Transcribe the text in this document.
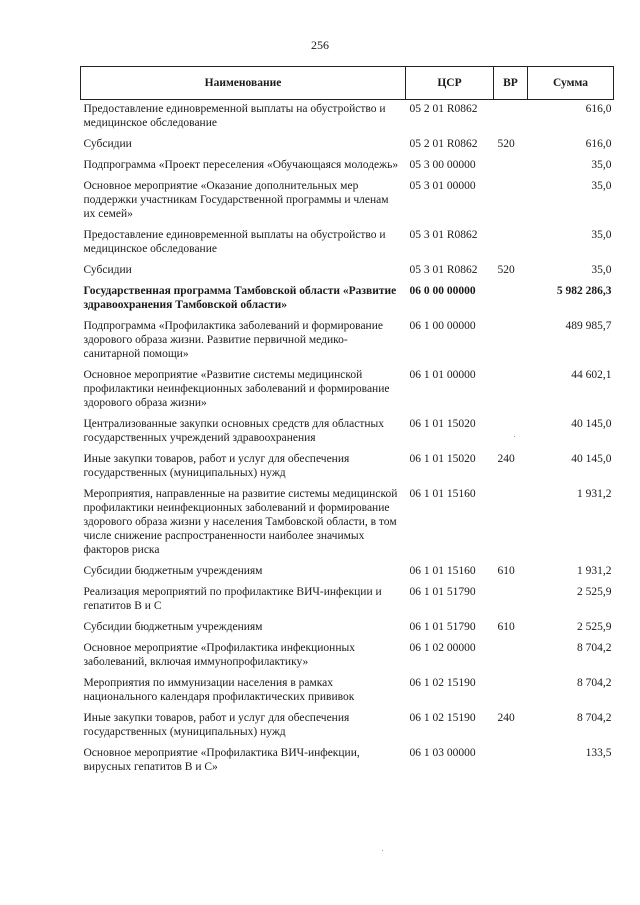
256
Наименование	ЦСР	ВР	Сумма
Предоставление единовременной выплаты на обустройство и медицинское обследование	05 2 01 R0862		616,0
Субсидии	05 2 01 R0862	520	616,0
Подпрограмма «Проект переселения «Обучающаяся молодежь»	05 3 00 00000		35,0
Основное мероприятие «Оказание дополнительных мер поддержки участникам Государственной программы и членам их семей»	05 3 01 00000		35,0
Предоставление единовременной выплаты на обустройство и медицинское обследование	05 3 01 R0862		35,0
Субсидии	05 3 01 R0862	520	35,0
Государственная программа Тамбовской области «Развитие здравоохранения Тамбовской области»	06 0 00 00000		5 982 286,3
Подпрограмма «Профилактика заболеваний и формирование здорового образа жизни. Развитие первичной медико-санитарной помощи»	06 1 00 00000		489 985,7
Основное мероприятие «Развитие системы медицинской профилактики неинфекционных заболеваний и формирование здорового образа жизни»	06 1 01 00000		44 602,1
Централизованные закупки основных средств для областных государственных учреждений здравоохранения	06 1 01 15020		40 145,0
Иные закупки товаров, работ и услуг для обеспечения государственных (муниципальных) нужд	06 1 01 15020	240	40 145,0
Мероприятия, направленные на развитие системы медицинской профилактики неинфекционных заболеваний и формирование здорового образа жизни у населения Тамбовской области, в том числе снижение распространенности наиболее значимых факторов риска	06 1 01 15160		1 931,2
Субсидии бюджетным учреждениям	06 1 01 15160	610	1 931,2
Реализация мероприятий по профилактике ВИЧ-инфекции и гепатитов В и С	06 1 01 51790		2 525,9
Субсидии бюджетным учреждениям	06 1 01 51790	610	2 525,9
Основное мероприятие «Профилактика инфекционных заболеваний, включая иммунопрофилактику»	06 1 02 00000		8 704,2
Мероприятия по иммунизации населения в рамках национального календаря профилактических прививок	06 1 02 15190		8 704,2
Иные закупки товаров, работ и услуг для обеспечения государственных (муниципальных) нужд	06 1 02 15190	240	8 704,2
Основное мероприятие «Профилактика ВИЧ-инфекции, вирусных гепатитов В и С»	06 1 03 00000		133,5
